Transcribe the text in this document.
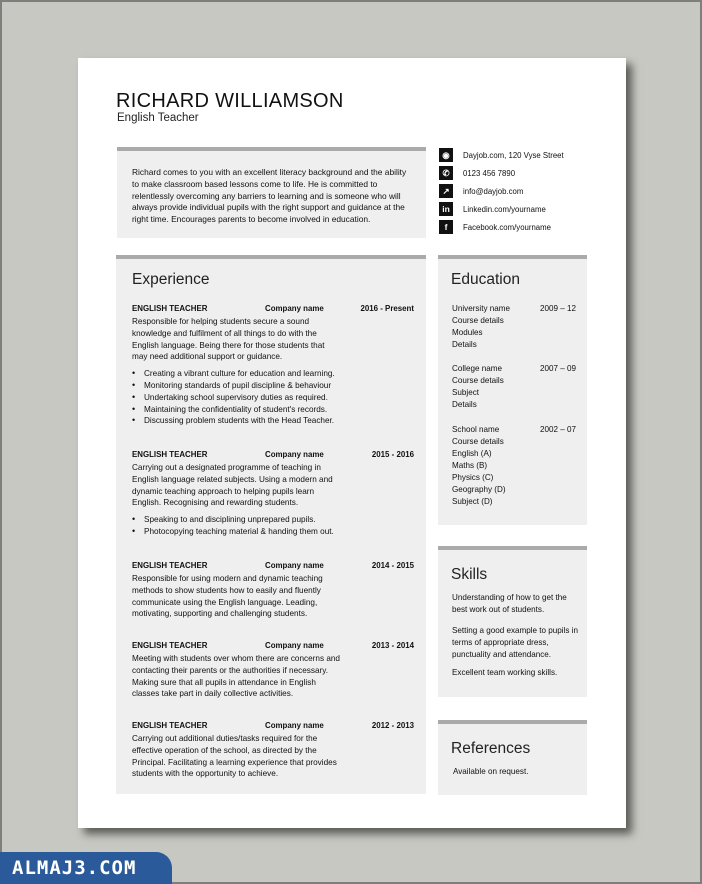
RICHARD WILLIAMSON
English Teacher
Richard comes to you with an excellent literacy background and the ability to make classroom based lessons come to life. He is committed to relentlessly overcoming any barriers to learning and is someone who will always provide individual pupils with the right support and guidance at the right time. Encourages parents to become involved in education.
◉	Dayjob.com, 120 Vyse Street
✆	0123 456 7890
↗	info@dayjob.com
in	Linkedin.com/yourname
f	Facebook.com/yourname
Experience
ENGLISH TEACHER	Company name	2016 - Present
Responsible for helping students secure a sound knowledge and fulfilment of all things to do with the English language. Being there for those students that may need additional support or guidance.
• Creating a vibrant culture for education and learning.
• Monitoring standards of pupil discipline & behaviour
• Undertaking school supervisory duties as required.
• Maintaining the confidentiality of student's records.
• Discussing problem students with the Head Teacher.
ENGLISH TEACHER	Company name	2015 - 2016
Carrying out a designated programme of teaching in English language related subjects. Using a modern and dynamic teaching approach to helping pupils learn English. Recognising and rewarding students.
• Speaking to and disciplining unprepared pupils.
• Photocopying teaching material & handing them out.
ENGLISH TEACHER	Company name	2014 - 2015
Responsible for using modern and dynamic teaching methods to show students how to easily and fluently communicate using the English language. Leading, motivating, supporting and challenging students.
ENGLISH TEACHER	Company name	2013 - 2014
Meeting with students over whom there are concerns and contacting their parents or the authorities if necessary. Making sure that all pupils in attendance in English classes take part in daily collective activities.
ENGLISH TEACHER	Company name	2012 - 2013
Carrying out additional duties/tasks required for the effective operation of the school, as directed by the Principal. Facilitating a learning experience that provides students with the opportunity to achieve.
Education
University name	2009 – 12
Course details
Modules
Details
College name	2007 – 09
Course details
Subject
Details
School name	2002 – 07
Course details
English (A)
Maths (B)
Physics (C)
Geography (D)
Subject (D)
Skills
Understanding of how to get the best work out of students.
Setting a good example to pupils in terms of appropriate dress, punctuality and attendance.
Excellent team working skills.
References
Available on request.
ALMAJ3.COM
